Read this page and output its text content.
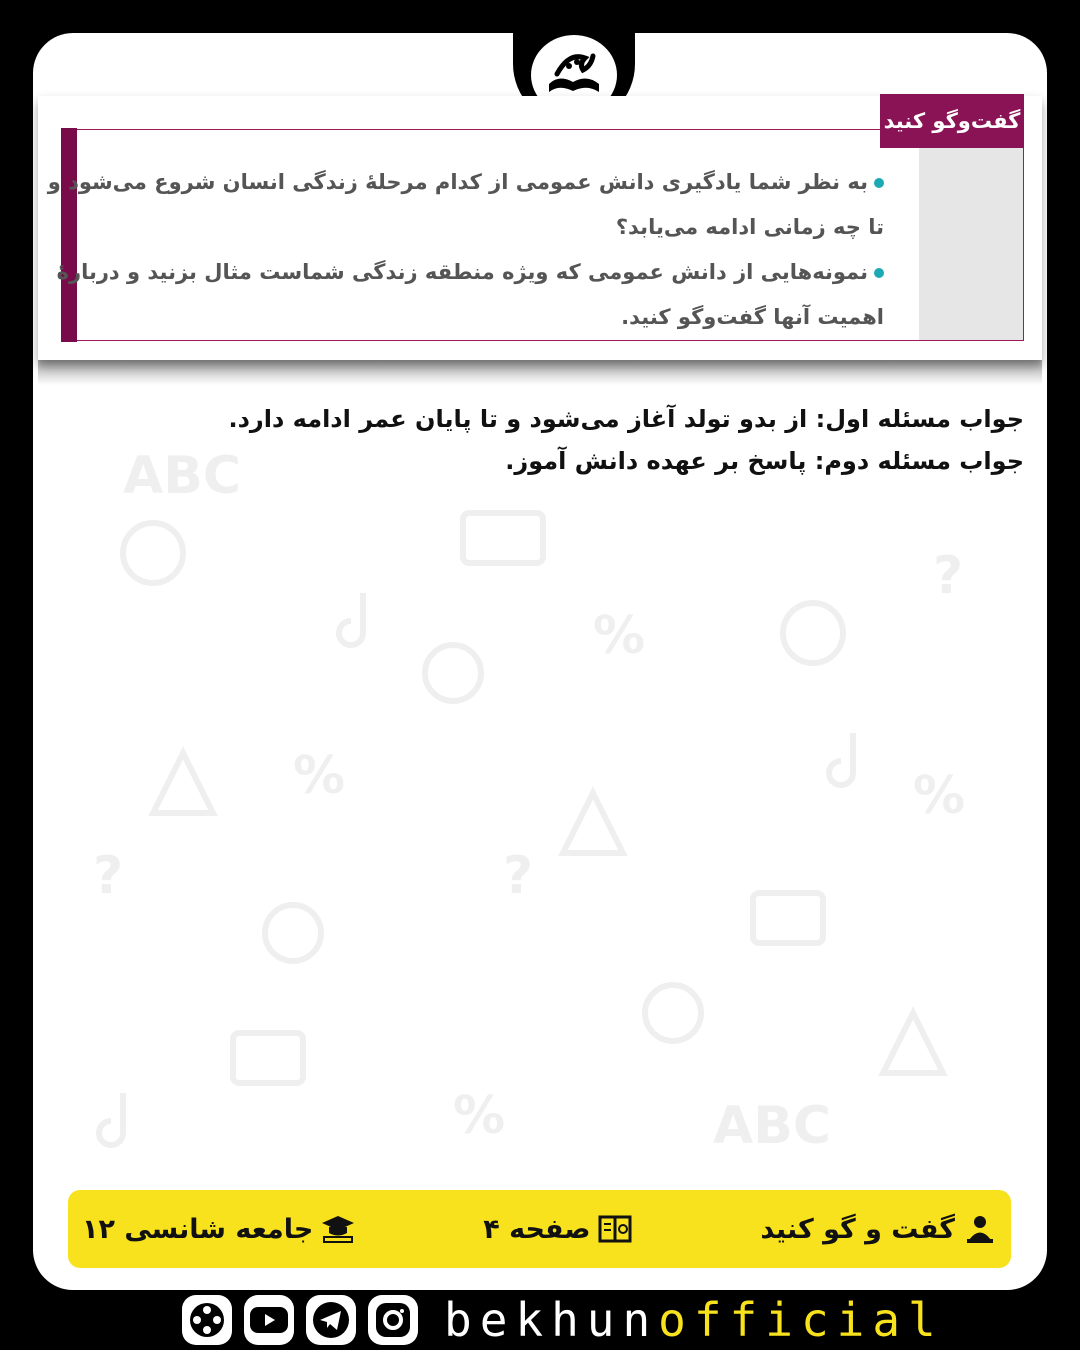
%
%
%
%
ABC
ABC
?
?
?
گفت‌وگو کنید
به نظر شما یادگیری دانش عمومی از کدام مرحلهٔ زندگی انسان شروع می‌شود و
تا چه زمانی ادامه می‌یابد؟
نمونه‌هایی از دانش عمومی که ویژه منطقه زندگی شماست مثال بزنید و دربارهٔ
اهمیت آنها گفت‌وگو کنید.
جواب مسئله اول: از بدو تولد آغاز می‌شود و تا پایان عمر ادامه دارد.
جواب مسئله دوم: پاسخ بر عهده دانش آموز.
گفت و گو کنید
صفحه ۴
جامعه شانسی ۱۲
bekhunofficial
